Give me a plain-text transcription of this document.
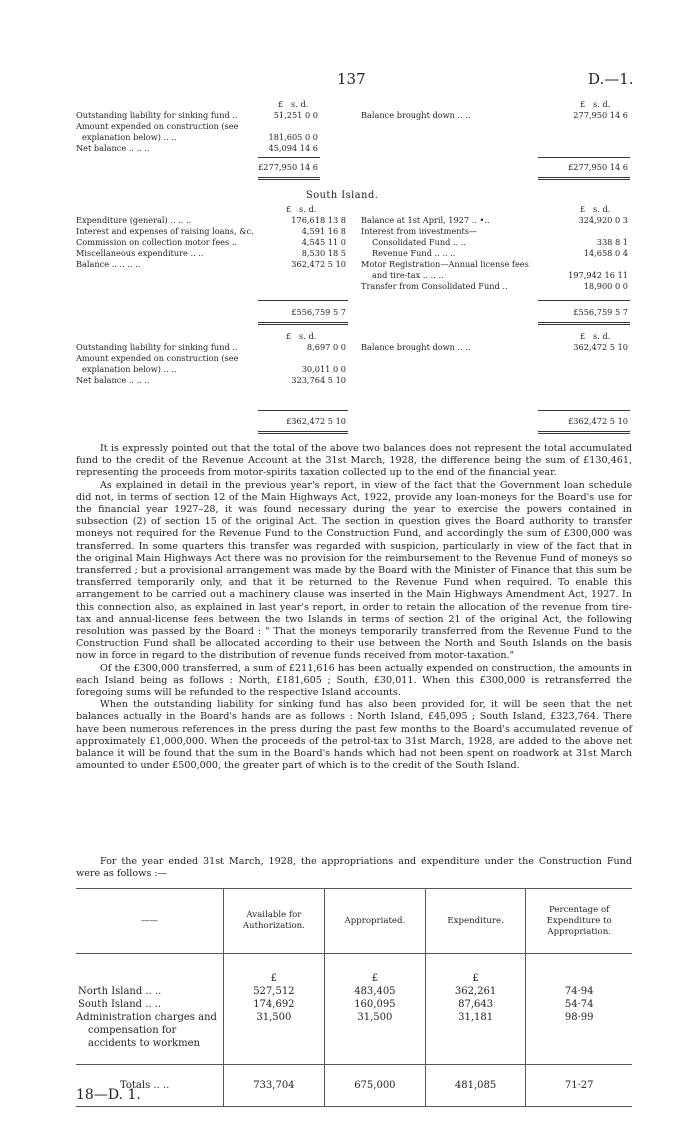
137	D.—1.
£ s. d.	£ s. d.
Outstanding liability for sinking fund ..	51,251 0 0
Amount expended on construction (see
explanation below) .. ..	181,605 0 0
Net balance .. .. ..	45,094 14 6
Balance brought down .. ..	277,950 14 6
£277,950 14 6	£277,950 14 6
South Island.
£ s. d.	£ s. d.
Expenditure (general) .. .. ..	176,618 13 8
Interest and expenses of raising loans, &c.	4,591 16 8
Commission on collection motor fees ..	4,545 11 0
Miscellaneous expenditure .. ..	8,530 18 5
Balance .. .. .. ..	362,472 5 10
Balance at 1st April, 1927 .. •..	324,920 0 3
Interest from investments—
Consolidated Fund .. ..	338 8 1
Revenue Fund .. .. ..	14,658 0 4
Motor Registration—Annual license fees
and tire-tax .. .. ..	197,942 16 11
Transfer from Consolidated Fund ..	18,900 0 0
£556,759 5 7	£556,759 5 7
£ s. d.	£ s. d.
Outstanding liability for sinking fund ..	8,697 0 0
Amount expended on construction (see
explanation below) .. ..	30,011 0 0
Net balance .. .. ..	323,764 5 10
Balance brought down .. ..	362,472 5 10
£362,472 5 10	£362,472 5 10

It is expressly pointed out that the total of the above two balances does not represent the total accumulated fund to the credit of the Revenue Account at the 31st March, 1928, the difference being the sum of £130,461, representing the proceeds from motor-spirits taxation collected up to the end of the financial year.

As explained in detail in the previous year's report, in view of the fact that the Government loan schedule did not, in terms of section 12 of the Main Highways Act, 1922, provide any loan-moneys for the Board's use for the financial year 1927–28, it was found necessary during the year to exercise the powers contained in subsection (2) of section 15 of the original Act. The section in question gives the Board authority to transfer moneys not required for the Revenue Fund to the Construction Fund, and accordingly the sum of £300,000 was transferred. In some quarters this transfer was regarded with suspicion, particularly in view of the fact that in the original Main Highways Act there was no provision for the reimbursement to the Revenue Fund of moneys so transferred ; but a provisional arrangement was made by the Board with the Minister of Finance that this sum be transferred temporarily only, and that it be returned to the Revenue Fund when required. To enable this arrangement to be carried out a machinery clause was inserted in the Main Highways Amendment Act, 1927. In this connection also, as explained in last year's report, in order to retain the allocation of the revenue from tire-tax and annual-license fees between the two Islands in terms of section 21 of the original Act, the following resolution was passed by the Board : " That the moneys temporarily transferred from the Revenue Fund to the Construction Fund shall be allocated according to their use between the North and South Islands on the basis now in force in regard to the distribution of revenue funds received from motor-taxation."

Of the £300,000 transferred, a sum of £211,616 has been actually expended on construction, the amounts in each Island being as follows : North, £181,605 ; South, £30,011. When this £300,000 is retransferred the foregoing sums will be refunded to the respective Island accounts.

When the outstanding liability for sinking fund has also been provided for, it will be seen that the net balances actually in the Board's hands are as follows : North Island, £45,095 ; South Island, £323,764. There have been numerous references in the press during the past few months to the Board's accumulated revenue of approximately £1,000,000. When the proceeds of the petrol-tax to 31st March, 1928, are added to the above net balance it will be found that the sum in the Board's hands which had not been spent on roadwork at 31st March amounted to under £500,000, the greater part of which is to the credit of the South Island.

For the year ended 31st March, 1928, the appropriations and expenditure under the Construction Fund were as follows :—

——	Available for Authorization.	Appropriated.	Expenditure.	Percentage of Expenditure to Appropriation.
	£	£	£	
North Island .. ..	527,512	483,405	362,261	74·94
South Island .. ..	174,692	160,095	87,643	54·74
Administration charges and compensation for accidents to workmen	31,500	31,500	31,181	98·99
Totals .. ..	733,704	675,000	481,085	71·27
18—D. 1.
